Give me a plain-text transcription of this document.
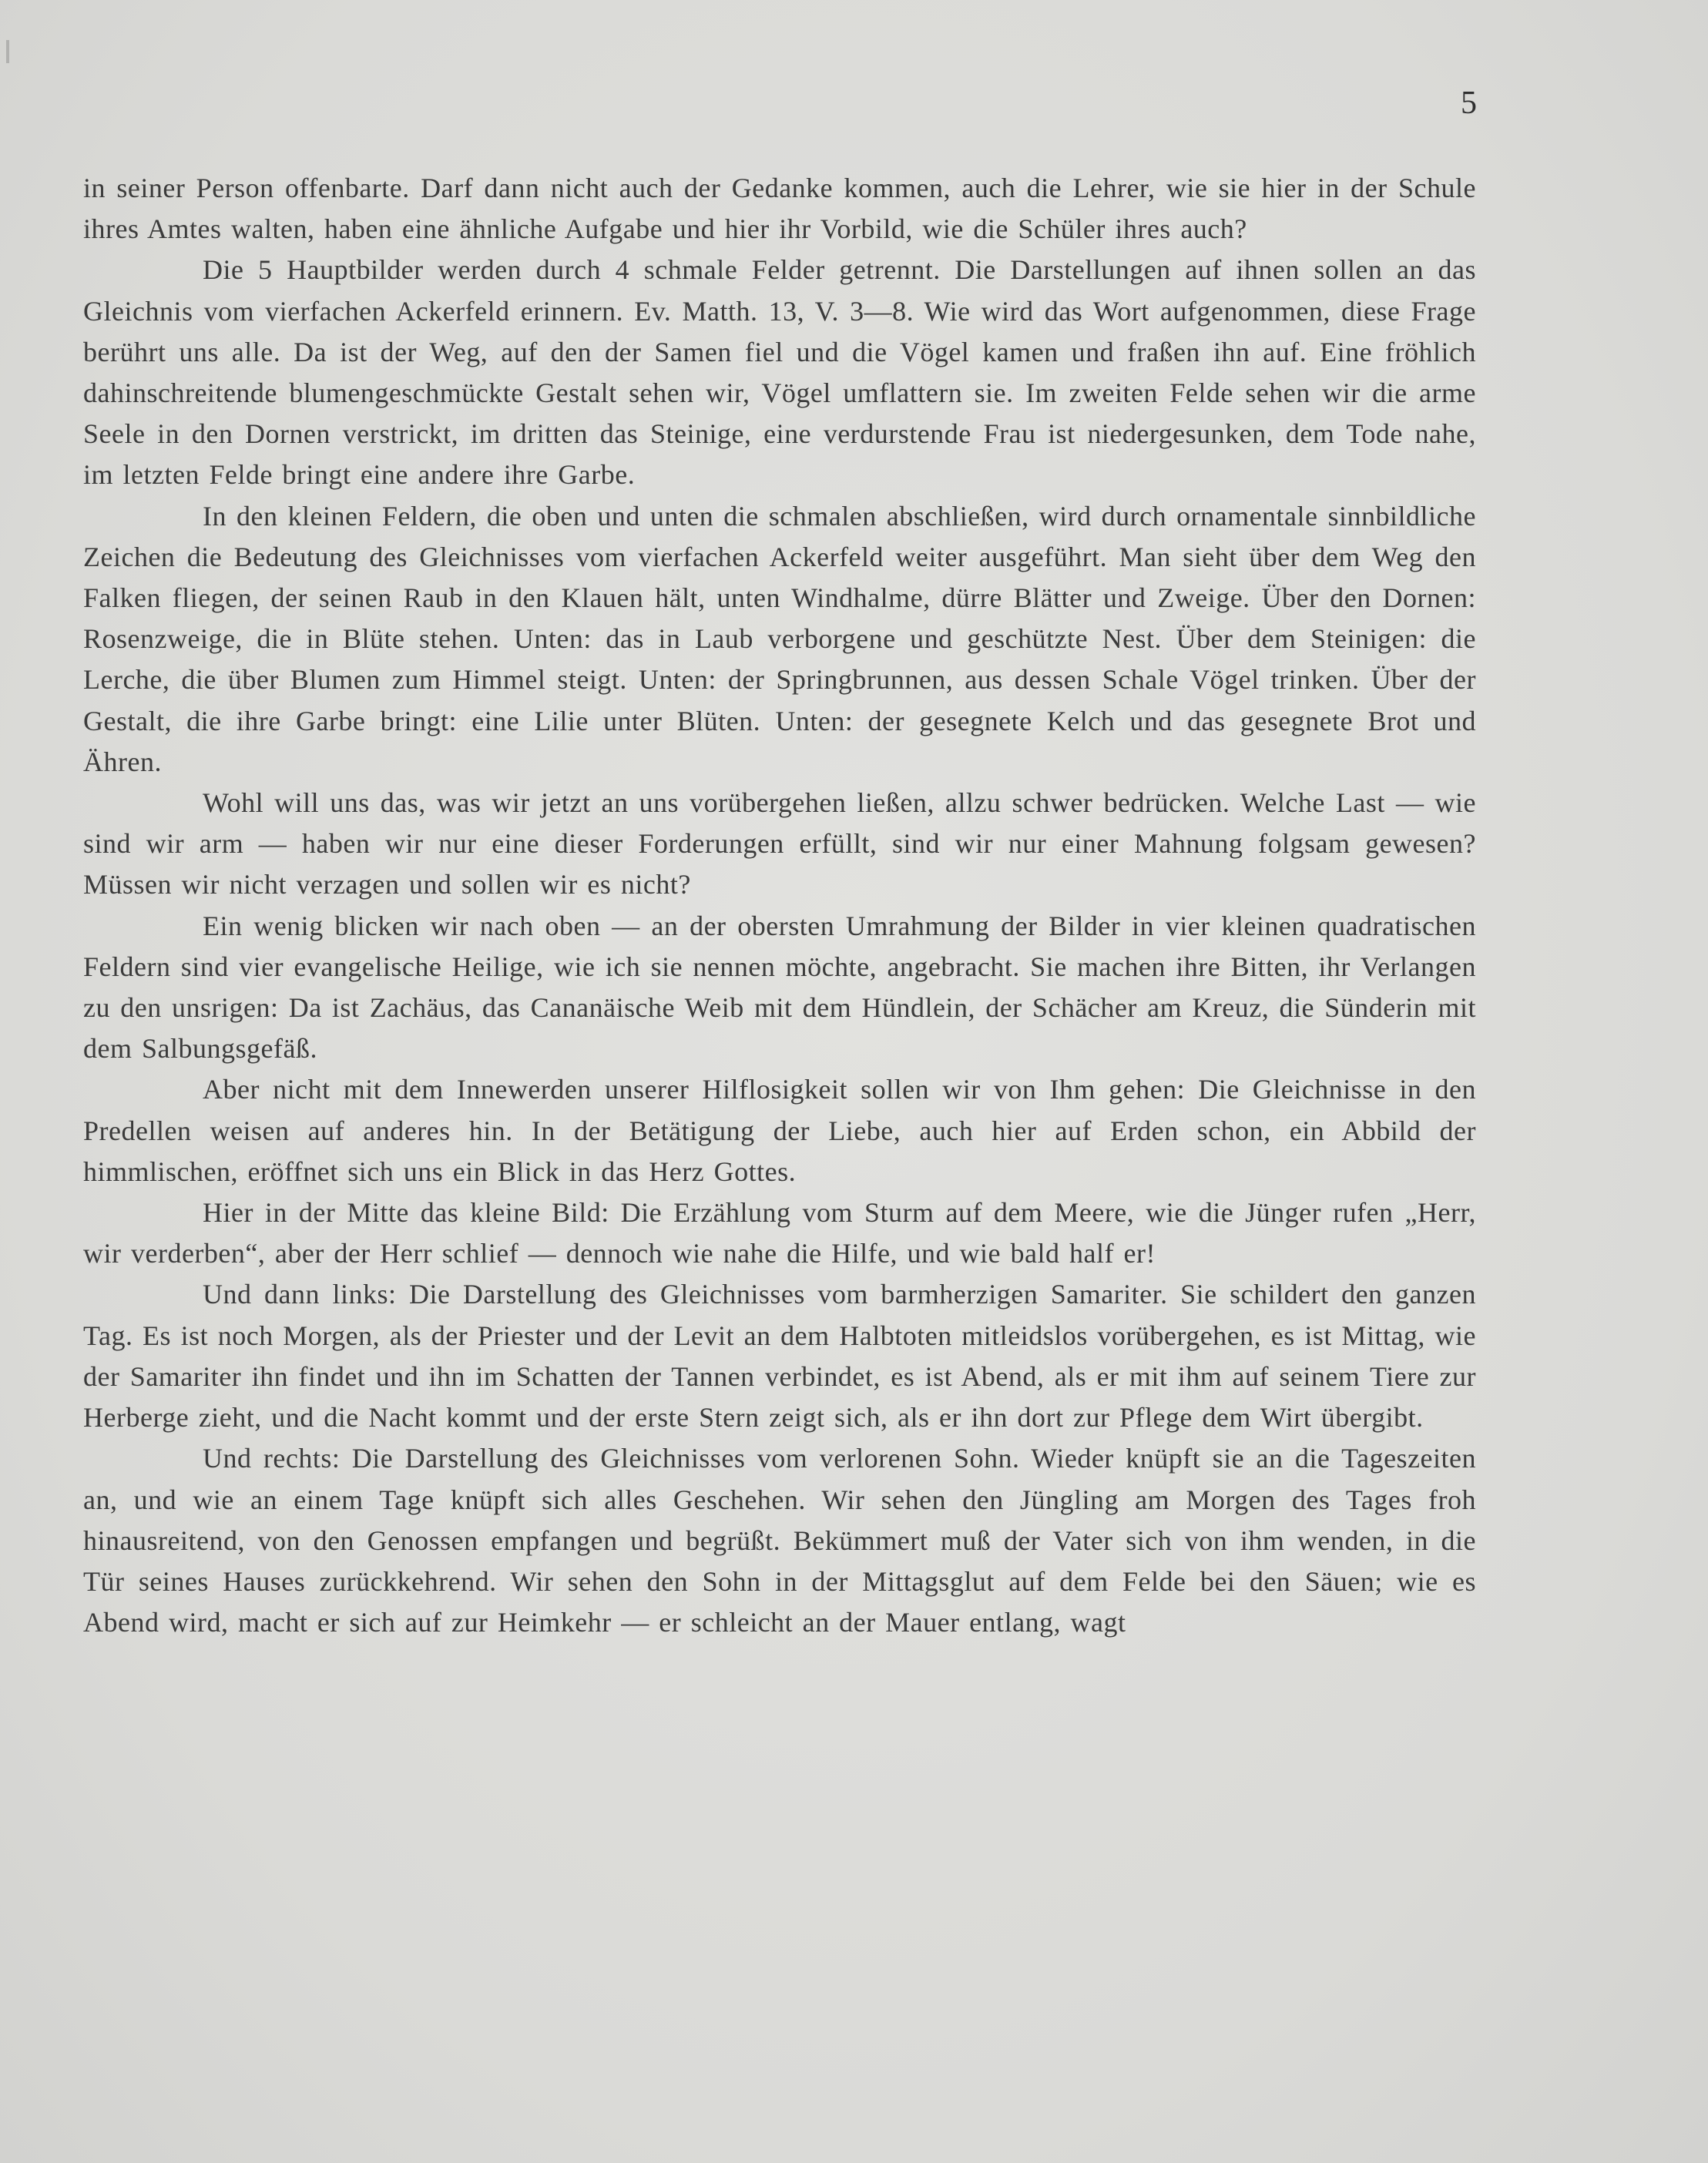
5

in seiner Person offenbarte. Darf dann nicht auch der Gedanke kommen, auch die Lehrer, wie sie hier in der Schule ihres Amtes walten, haben eine ähnliche Aufgabe und hier ihr Vorbild, wie die Schüler ihres auch?

Die 5 Hauptbilder werden durch 4 schmale Felder getrennt. Die Darstellungen auf ihnen sollen an das Gleichnis vom vierfachen Ackerfeld erinnern. Ev. Matth. 13, V. 3—8. Wie wird das Wort aufgenommen, diese Frage berührt uns alle. Da ist der Weg, auf den der Samen fiel und die Vögel kamen und fraßen ihn auf. Eine fröhlich dahinschreitende blumengeschmückte Gestalt sehen wir, Vögel umflattern sie. Im zweiten Felde sehen wir die arme Seele in den Dornen verstrickt, im dritten das Steinige, eine verdurstende Frau ist niedergesunken, dem Tode nahe, im letzten Felde bringt eine andere ihre Garbe.

In den kleinen Feldern, die oben und unten die schmalen abschließen, wird durch ornamentale sinnbildliche Zeichen die Bedeutung des Gleichnisses vom vierfachen Ackerfeld weiter ausgeführt. Man sieht über dem Weg den Falken fliegen, der seinen Raub in den Klauen hält, unten Windhalme, dürre Blätter und Zweige. Über den Dornen: Rosenzweige, die in Blüte stehen. Unten: das in Laub verborgene und geschützte Nest. Über dem Steinigen: die Lerche, die über Blumen zum Himmel steigt. Unten: der Springbrunnen, aus dessen Schale Vögel trinken. Über der Gestalt, die ihre Garbe bringt: eine Lilie unter Blüten. Unten: der gesegnete Kelch und das gesegnete Brot und Ähren.

Wohl will uns das, was wir jetzt an uns vorübergehen ließen, allzu schwer bedrücken. Welche Last — wie sind wir arm — haben wir nur eine dieser Forderungen erfüllt, sind wir nur einer Mahnung folgsam gewesen? Müssen wir nicht verzagen und sollen wir es nicht?

Ein wenig blicken wir nach oben — an der obersten Umrahmung der Bilder in vier kleinen quadratischen Feldern sind vier evangelische Heilige, wie ich sie nennen möchte, angebracht. Sie machen ihre Bitten, ihr Verlangen zu den unsrigen: Da ist Zachäus, das Cananäische Weib mit dem Hündlein, der Schächer am Kreuz, die Sünderin mit dem Salbungsgefäß.

Aber nicht mit dem Innewerden unserer Hilflosigkeit sollen wir von Ihm gehen: Die Gleichnisse in den Predellen weisen auf anderes hin. In der Betätigung der Liebe, auch hier auf Erden schon, ein Abbild der himmlischen, eröffnet sich uns ein Blick in das Herz Gottes.

Hier in der Mitte das kleine Bild: Die Erzählung vom Sturm auf dem Meere, wie die Jünger rufen „Herr, wir verderben“, aber der Herr schlief — dennoch wie nahe die Hilfe, und wie bald half er!

Und dann links: Die Darstellung des Gleichnisses vom barmherzigen Samariter. Sie schildert den ganzen Tag. Es ist noch Morgen, als der Priester und der Levit an dem Halbtoten mitleidslos vorübergehen, es ist Mittag, wie der Samariter ihn findet und ihn im Schatten der Tannen verbindet, es ist Abend, als er mit ihm auf seinem Tiere zur Herberge zieht, und die Nacht kommt und der erste Stern zeigt sich, als er ihn dort zur Pflege dem Wirt übergibt.

Und rechts: Die Darstellung des Gleichnisses vom verlorenen Sohn. Wieder knüpft sie an die Tageszeiten an, und wie an einem Tage knüpft sich alles Geschehen. Wir sehen den Jüngling am Morgen des Tages froh hinausreitend, von den Genossen empfangen und begrüßt. Bekümmert muß der Vater sich von ihm wenden, in die Tür seines Hauses zurückkehrend. Wir sehen den Sohn in der Mittagsglut auf dem Felde bei den Säuen; wie es Abend wird, macht er sich auf zur Heimkehr — er schleicht an der Mauer entlang, wagt
